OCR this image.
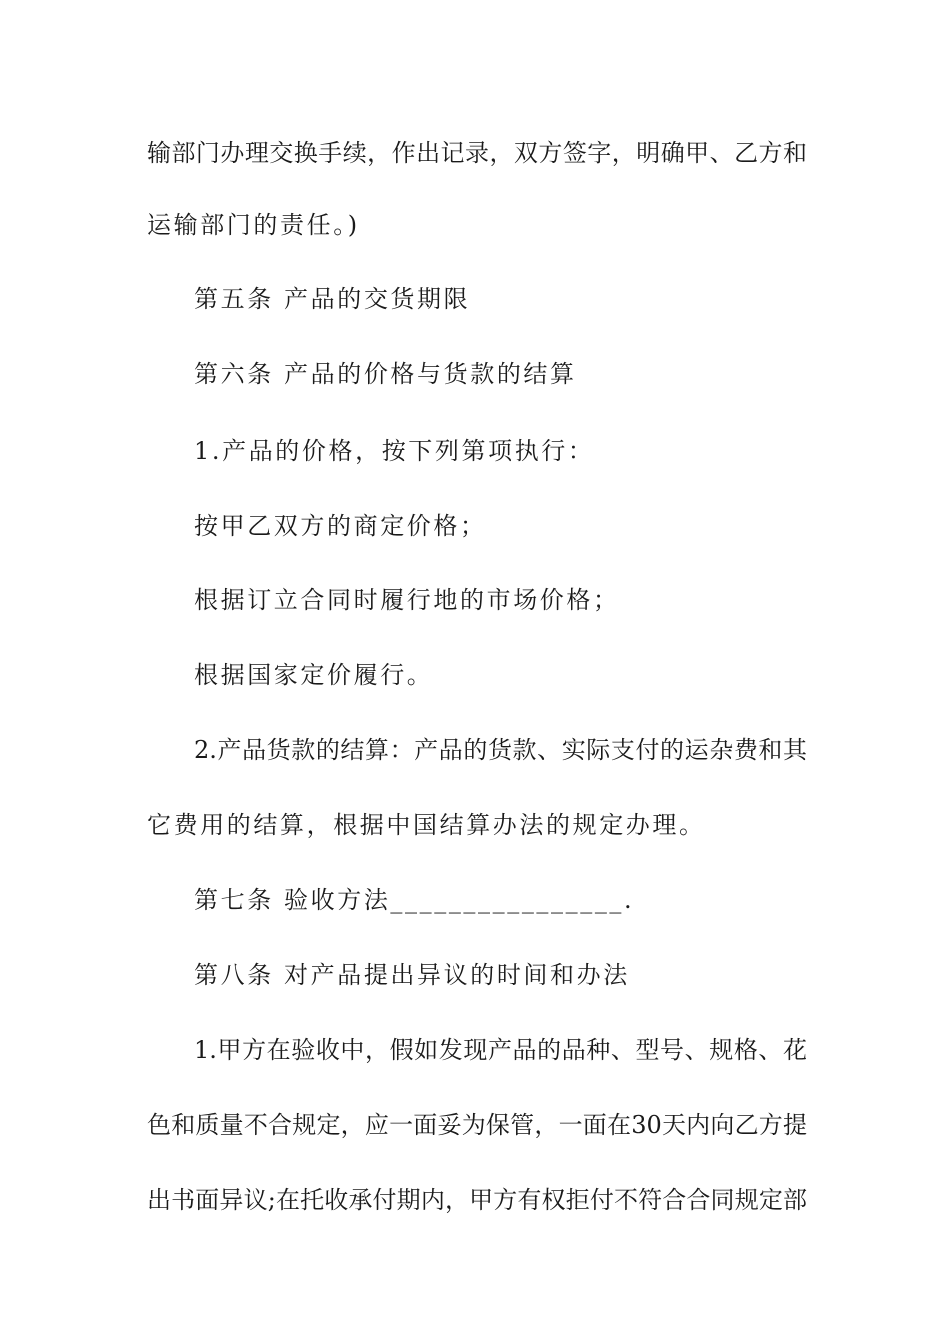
输部门办理交换手续，作出记录，双方签字，明确甲、乙方和
运输部门的责任。)
第五条 产品的交货期限
第六条 产品的价格与货款的结算
1.产品的价格，按下列第项执行：
按甲乙双方的商定价格；
根据订立合同时履行地的市场价格；
根据国家定价履行。
2.产品货款的结算：产品的货款、实际支付的运杂费和其
它费用的结算，根据中国结算办法的规定办理。
第七条 验收方法________________.
第八条 对产品提出异议的时间和办法
1.甲方在验收中，假如发现产品的品种、型号、规格、花
色和质量不合规定，应一面妥为保管，一面在30天内向乙方提
出书面异议;在托收承付期内，甲方有权拒付不符合合同规定部
